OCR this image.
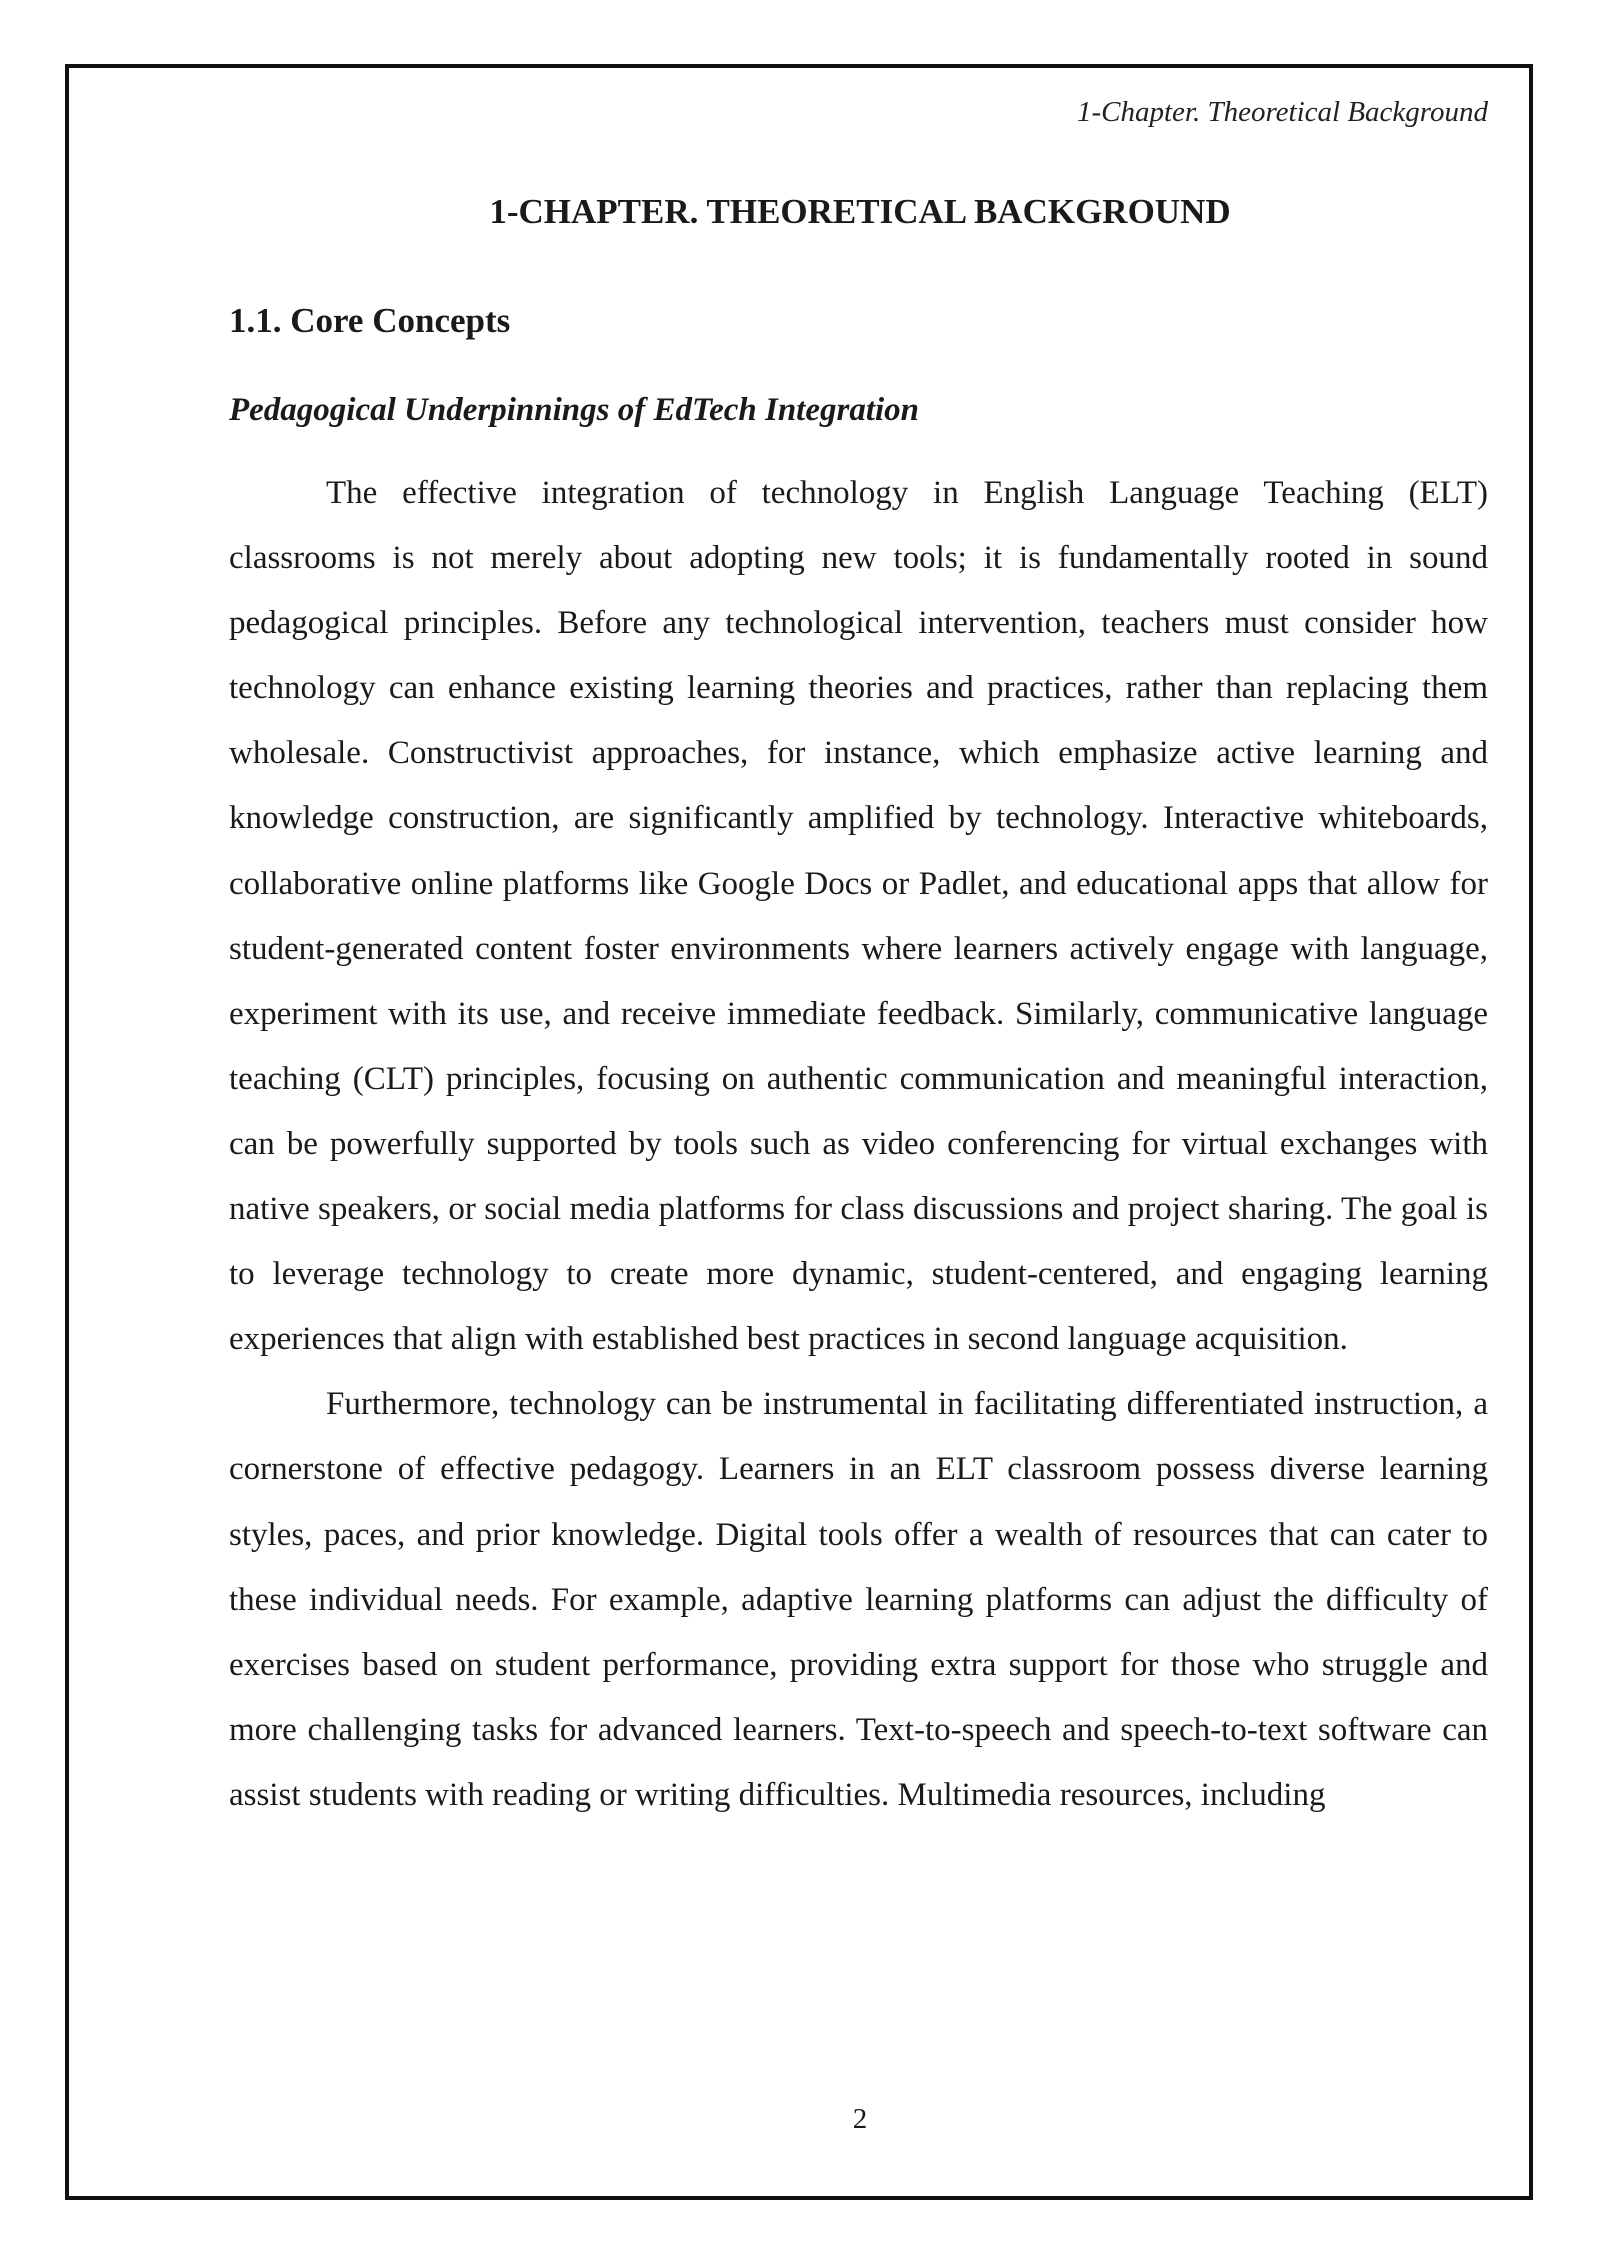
1-Chapter. Theoretical Background
1-CHAPTER. THEORETICAL BACKGROUND
1.1. Core Concepts
Pedagogical Underpinnings of EdTech Integration

The effective integration of technology in English Language Teaching (ELT) classrooms is not merely about adopting new tools; it is fundamentally rooted in sound pedagogical principles. Before any technological intervention, teachers must consider how technology can enhance existing learning theories and practices, rather than replacing them wholesale. Constructivist approaches, for instance, which emphasize active learning and knowledge construction, are significantly amplified by technology. Interactive whiteboards, collaborative online platforms like Google Docs or Padlet, and educational apps that allow for student-​generated content foster environments where learners actively engage with language, experiment with its use, and receive immediate feedback. Similarly, communicative language teaching (CLT) principles, focusing on authentic communication and meaningful interaction, can be powerfully supported by tools such as video conferencing for virtual exchanges with native speakers, or social media platforms for class discussions and project sharing. The goal is to leverage technology to create more dynamic, student-centered, and engaging learning experiences that align with established best practices in second language acquisition.

Furthermore, technology can be instrumental in facilitating differentiated instruction, a cornerstone of effective pedagogy. Learners in an ELT classroom possess diverse learning styles, paces, and prior knowledge. Digital tools offer a wealth of resources that can cater to these individual needs. For example, adaptive learning platforms can adjust the difficulty of exercises based on student performance, providing extra support for those who struggle and more challenging tasks for advanced learners. Text-to-speech and speech-to-text software can assist students with reading or writing difficulties. Multimedia resources, including

2
